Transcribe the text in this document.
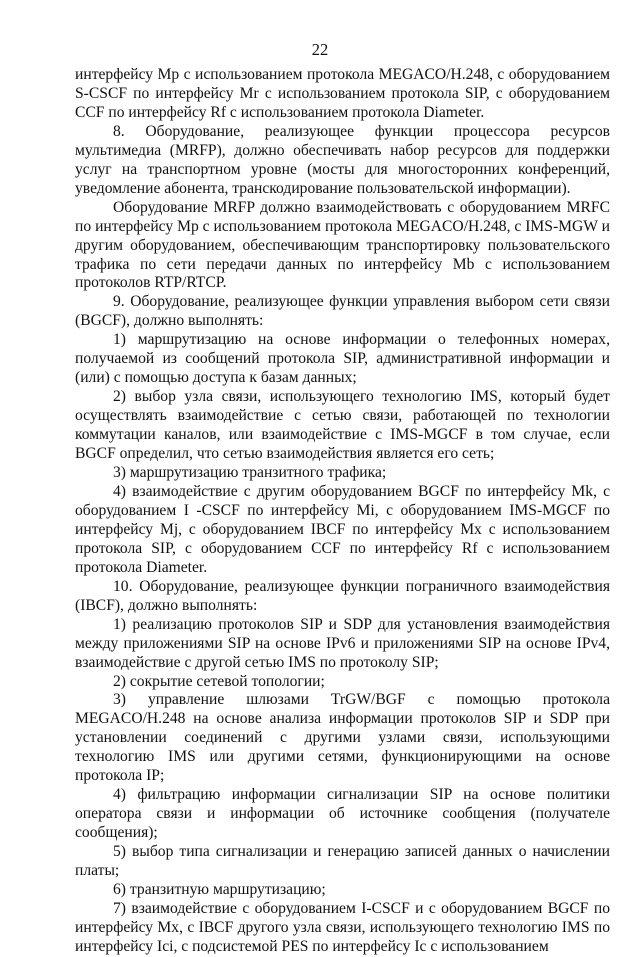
22

интерфейсу Mp с использованием протокола MEGACO/H.248, с оборудованием S-CSCF по интерфейсу Mr с использованием протокола SIP, с оборудованием CCF по интерфейсу Rf с использованием протокола Diameter.

8. Оборудование, реализующее функции процессора ресурсов мультимедиа (MRFP), должно обеспечивать набор ресурсов для поддержки услуг на транспортном уровне (мосты для многосторонних конференций, уведомление абонента, транскодирование пользовательской информации).

Оборудование MRFP должно взаимодействовать с оборудованием MRFC по интерфейсу Mp с использованием протокола MEGACO/H.248, с IMS-MGW и другим оборудованием, обеспечивающим транспортировку пользовательского трафика по сети передачи данных по интерфейсу Mb с использованием протоколов RTP/RTCP.

9. Оборудование, реализующее функции управления выбором сети связи (BGCF), должно выполнять:

1) маршрутизацию на основе информации о телефонных номерах, получаемой из сообщений протокола SIP, административной информации и (или) с помощью доступа к базам данных;

2) выбор узла связи, использующего технологию IMS, который будет осуществлять взаимодействие с сетью связи, работающей по технологии коммутации каналов, или взаимодействие с IMS-MGCF в том случае, если BGCF определил, что сетью взаимодействия является его сеть;

3) маршрутизацию транзитного трафика;

4) взаимодействие с другим оборудованием BGCF по интерфейсу Mk, с оборудованием I -CSCF по интерфейсу Mi, с оборудованием IMS-MGCF по интерфейсу Mj, с оборудованием IBCF по интерфейсу Mx с использованием протокола SIP, с оборудованием CCF по интерфейсу Rf с использованием протокола Diameter.

10. Оборудование, реализующее функции пограничного взаимодействия (IBCF), должно выполнять:

1) реализацию протоколов SIP и SDP для установления взаимодействия между приложениями SIP на основе IPv6 и приложениями SIP на основе IPv4, взаимодействие с другой сетью IMS по протоколу SIP;

2) сокрытие сетевой топологии;

3) управление шлюзами TrGW/BGF с помощью протокола MEGACO/H.248 на основе анализа информации протоколов SIP и SDP при установлении соединений с другими узлами связи, использующими технологию IMS или другими сетями, функционирующими на основе протокола IP;

4) фильтрацию информации сигнализации SIP на основе политики оператора связи и информации об источнике сообщения (получателе сообщения);

5) выбор типа сигнализации и генерацию записей данных о начислении платы;

6) транзитную маршрутизацию;

7) взаимодействие с оборудованием I-CSCF и с оборудованием BGCF по интерфейсу Mx, с IBCF другого узла связи, использующего технологию IMS по интерфейсу Ici, с подсистемой PES по интерфейсу Ic с использованием
